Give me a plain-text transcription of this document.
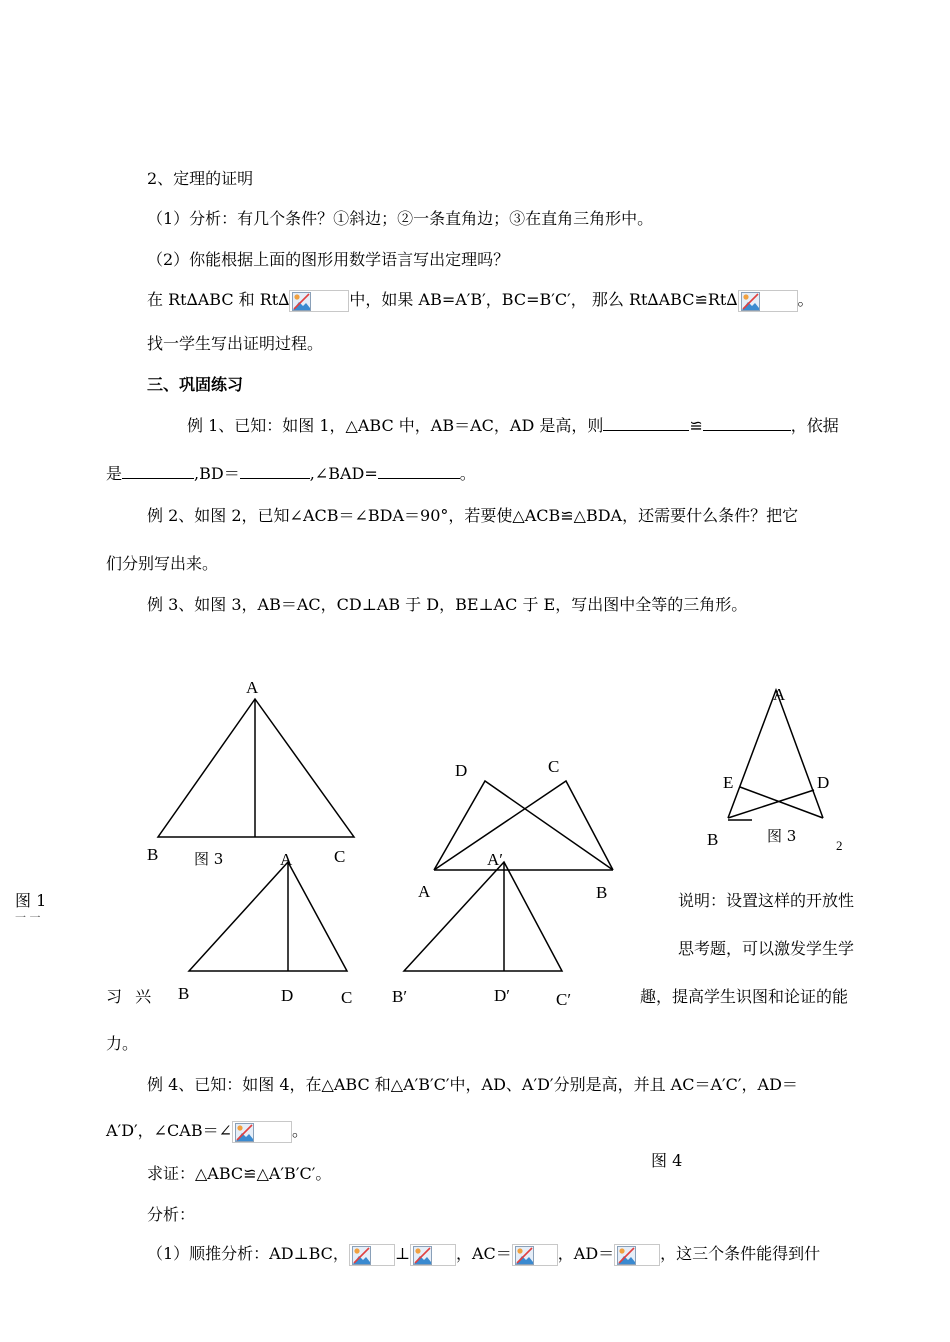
2、定理的证明
（1）分析：有几个条件？①斜边；②一条直角边；③在直角三角形中。
（2）你能根据上面的图形用数学语言写出定理吗？
在 Rt∆ABC 和 Rt∆	中，如果 AB=A′B′，BC=B′C′， 那么 Rt∆ABC≌Rt∆	。
找一学生写出证明过程。
三、巩固练习
例 1、已知：如图 1，△ABC 中，AB＝AC，AD 是高，则	≌	，依据
是	,BD＝	,∠BAD=	。
例 2、如图 2，已知∠ACB＝∠BDA＝90°，若要使△ACB≌△BDA，还需要什么条件？把它
们分别写出来。
例 3、如图 3，AB＝AC，CD⊥AB 于 D，BE⊥AC 于 E，写出图中全等的三角形。
A
B	C
图 3
D	C
A	B
A
E	D
B	图 3
2
A
B	D	C
A′
B′	D′	C′
图 1
一 一
说明：设置这样的开放性
思考题，可以激发学生学
习 兴	趣，提高学生识图和论证的能
力。
例 4、已知：如图 4，在△ABC 和△A′B′C′中，AD、A′D′分别是高，并且 AC＝A′C′，AD＝
A′D′，∠CAB＝∠	。
图 4
求证：△ABC≌△A′B′C′。
分析：
（1）顺推分析：AD⊥BC，	⊥	，AC＝	，AD＝	，这三个条件能得到什
